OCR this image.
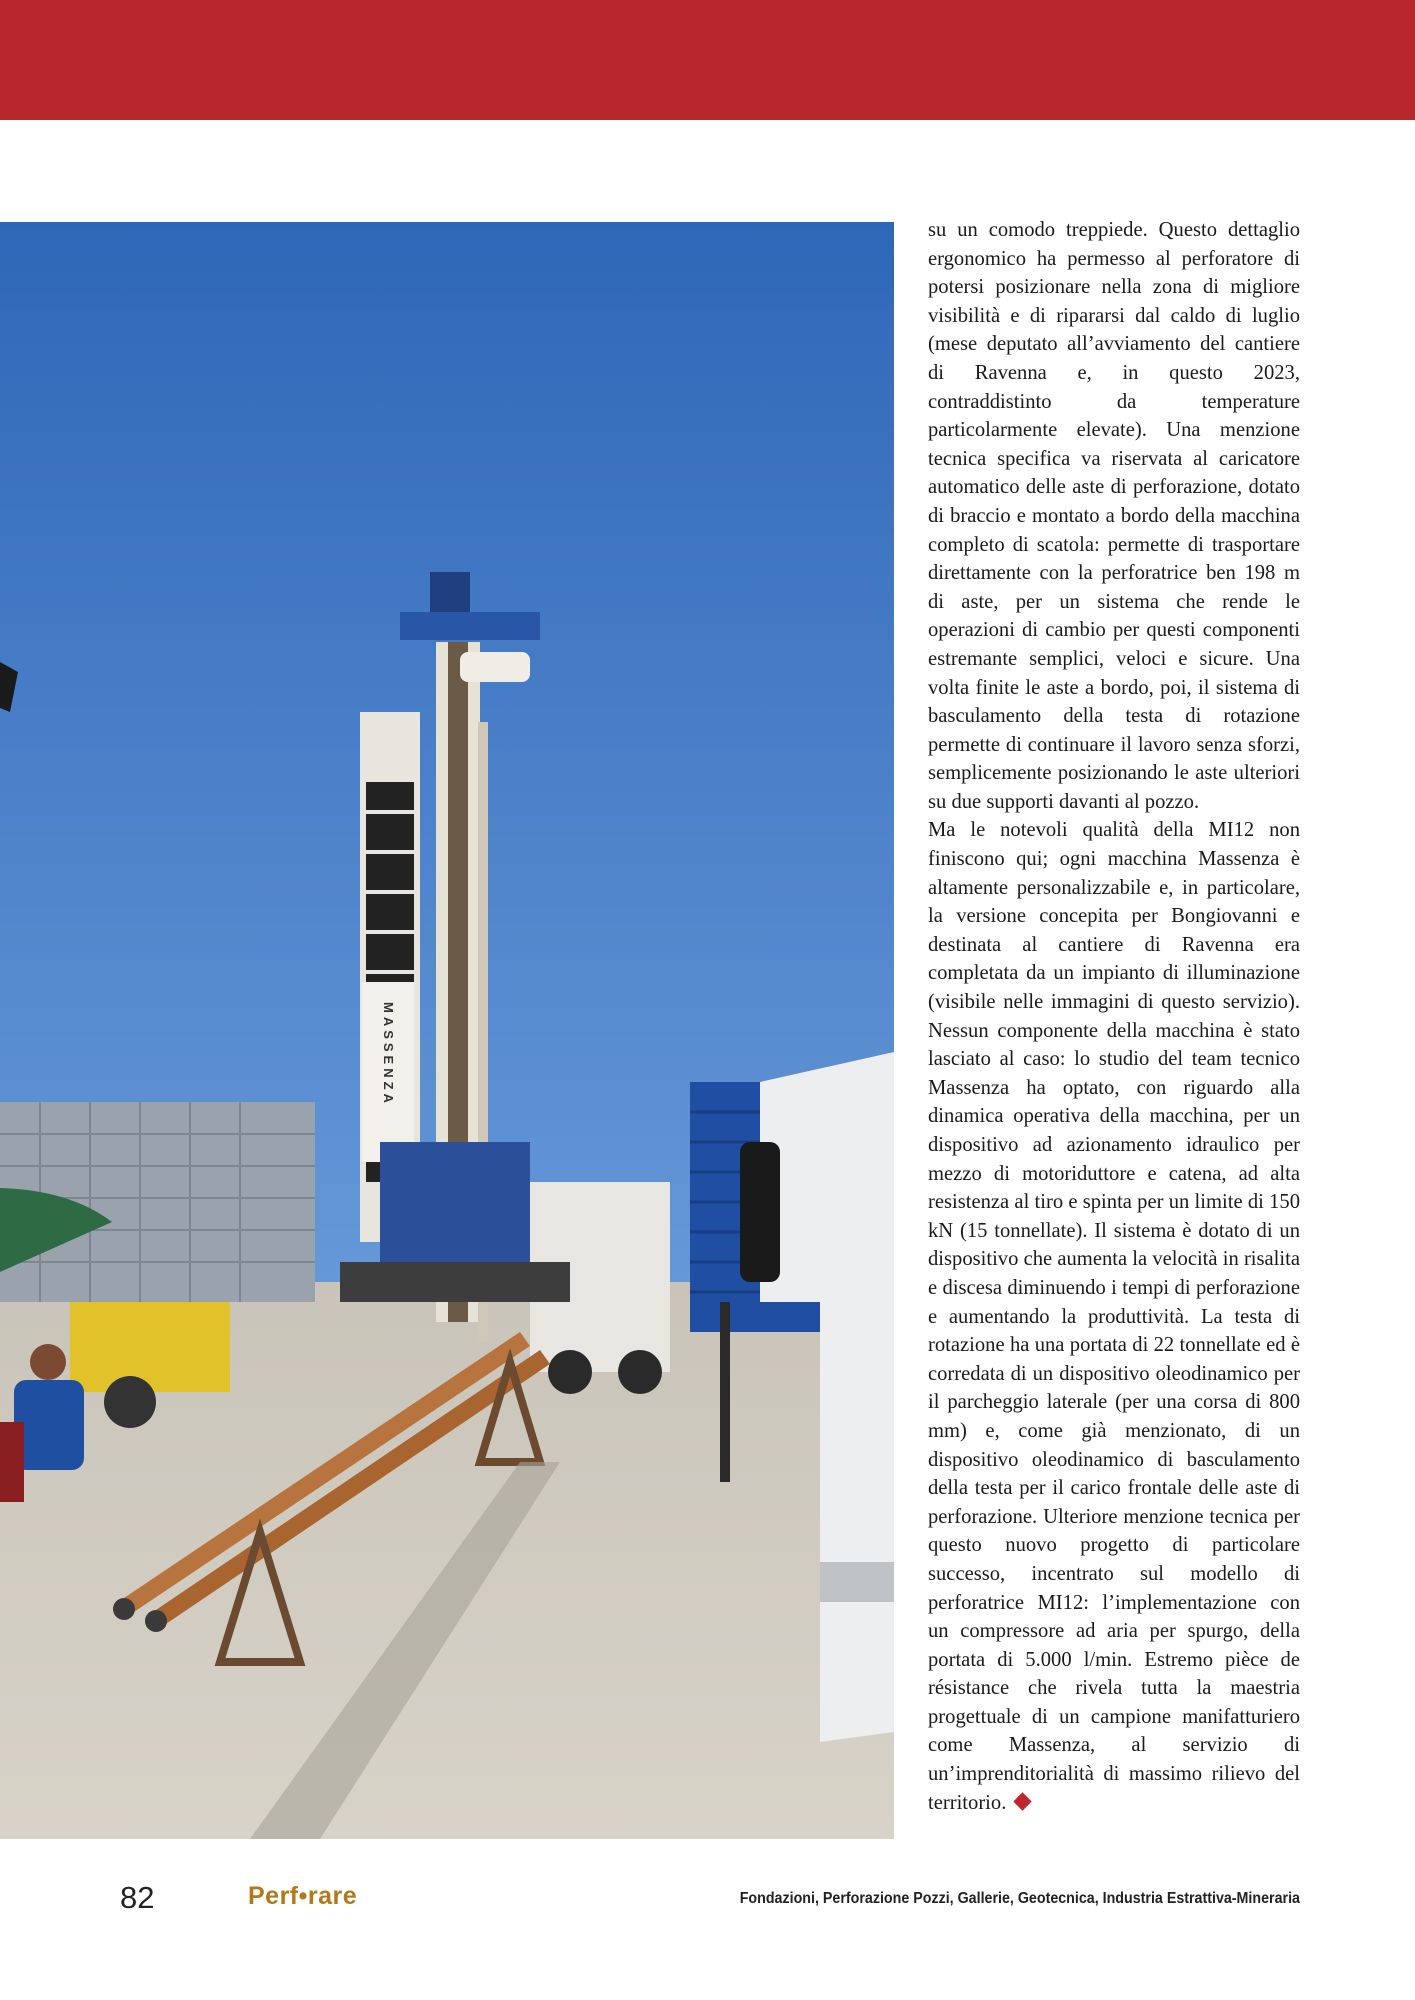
MASSENZA

su un comodo treppiede. Questo dettaglio ergonomico ha permesso al perforatore di potersi posizionare nella zona di migliore visibilità e di ripararsi dal caldo di luglio (mese deputato all’avviamento del cantiere di Ravenna e, in questo 2023, contraddistinto da temperature particolarmente elevate). Una menzione tecnica specifica va riservata al caricatore automatico delle aste di perforazione, dotato di braccio e montato a bordo della macchina completo di scatola: permette di trasportare direttamente con la perforatrice ben 198 m di aste, per un sistema che rende le operazioni di cambio per questi componenti estremante semplici, veloci e sicure. Una volta finite le aste a bordo, poi, il sistema di basculamento della testa di rotazione permette di continuare il lavoro senza sforzi, semplicemente posizionando le aste ulteriori su due supporti davanti al pozzo.

Ma le notevoli qualità della MI12 non finiscono qui; ogni macchina Massenza è altamente personalizzabile e, in particolare, la versione concepita per Bongiovanni e destinata al cantiere di Ravenna era completata da un impianto di illuminazione (visibile nelle immagini di questo servizio). Nessun componente della macchina è stato lasciato al caso: lo studio del team tecnico Massenza ha optato, con riguardo alla dinamica operativa della macchina, per un dispositivo ad azionamento idraulico per mezzo di motoriduttore e catena, ad alta resistenza al tiro e spinta per un limite di 150 kN (15 tonnellate). Il sistema è dotato di un dispositivo che aumenta la velocità in risalita e discesa diminuendo i tempi di perforazione e aumentando la produttività. La testa di rotazione ha una portata di 22 tonnellate ed è corredata di un dispositivo oleodinamico per il parcheggio laterale (per una corsa di 800 mm) e, come già menzionato, di un dispositivo oleodinamico di basculamento della testa per il carico frontale delle aste di perforazione. Ulteriore menzione tecnica per questo nuovo progetto di particolare successo, incentrato sul modello di perforatrice MI12: l’implementazione con un compressore ad aria per spurgo, della portata di 5.000 l/min. Estremo pièce de résistance che rivela tutta la maestria progettuale di un campione manifatturiero come Massenza, al servizio di un’imprenditorialità di massimo rilievo del territorio.

82	Perf•rare	Fondazioni, Perforazione Pozzi, Gallerie, Geotecnica, Industria Estrattiva-Mineraria
